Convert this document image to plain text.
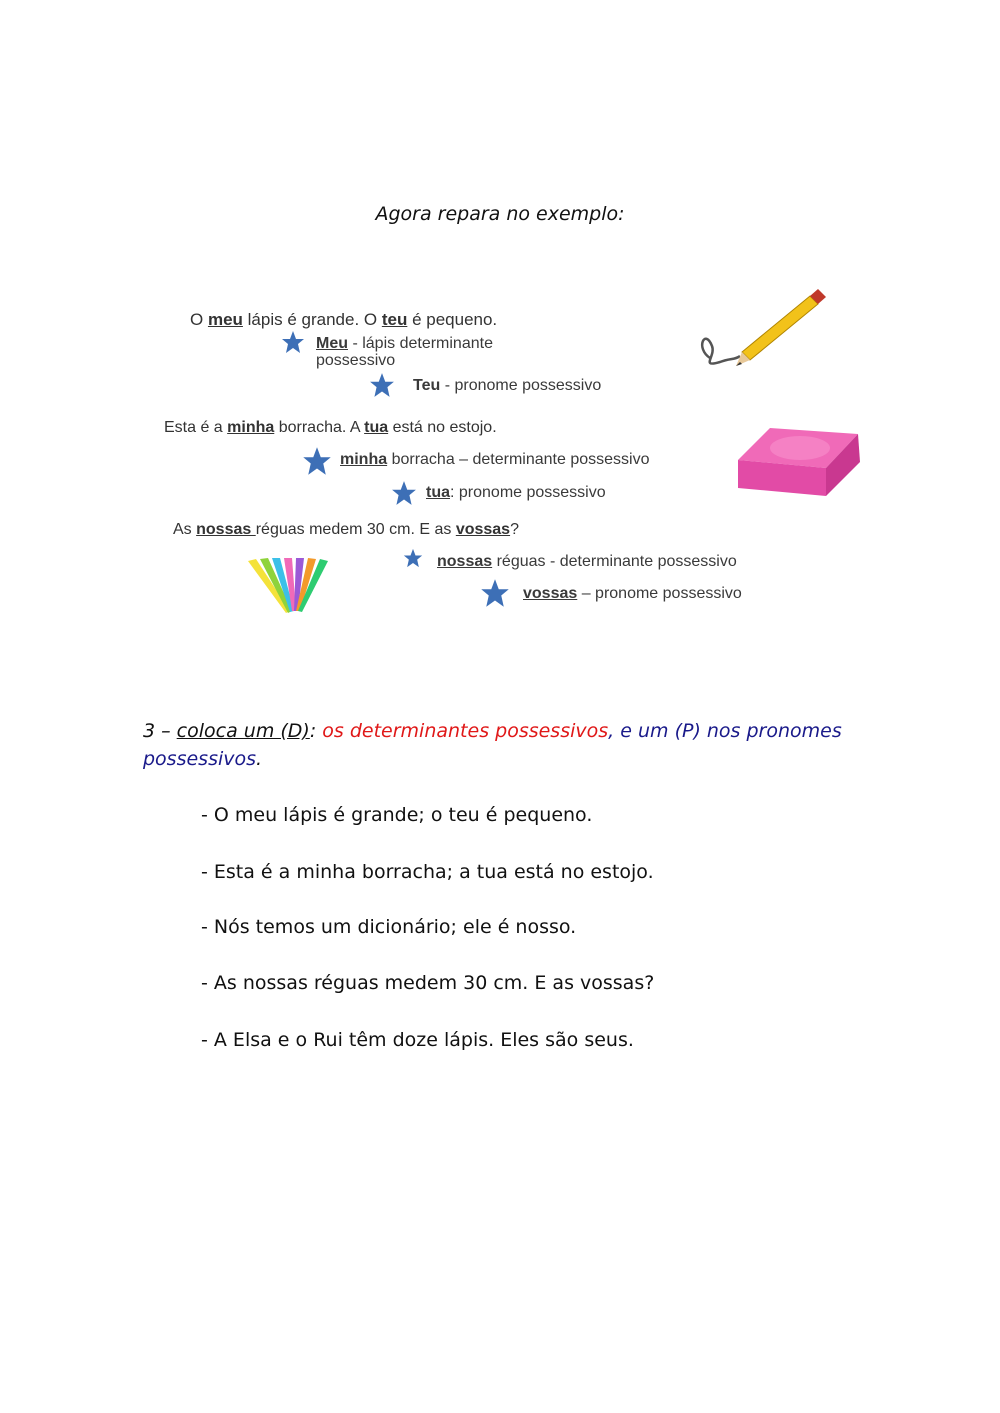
Agora repara no exemplo:
O meu lápis é grande. O teu é pequeno.
Meu - lápis determinante
possessivo
Teu - pronome possessivo
Esta é a minha borracha. A tua está no estojo.
minha borracha – determinante possessivo
tua: pronome possessivo
As nossas réguas medem 30 cm. E as vossas?
nossas réguas - determinante possessivo
vossas – pronome possessivo
3 – coloca um (D): os determinantes possessivos, e um (P) nos pronomes possessivos.
- O meu lápis é grande; o teu é pequeno.
- Esta é a minha borracha; a tua está no estojo.
- Nós temos um dicionário; ele é nosso.
- As nossas réguas medem 30 cm. E as vossas?
- A Elsa e o Rui têm doze lápis. Eles são seus.
